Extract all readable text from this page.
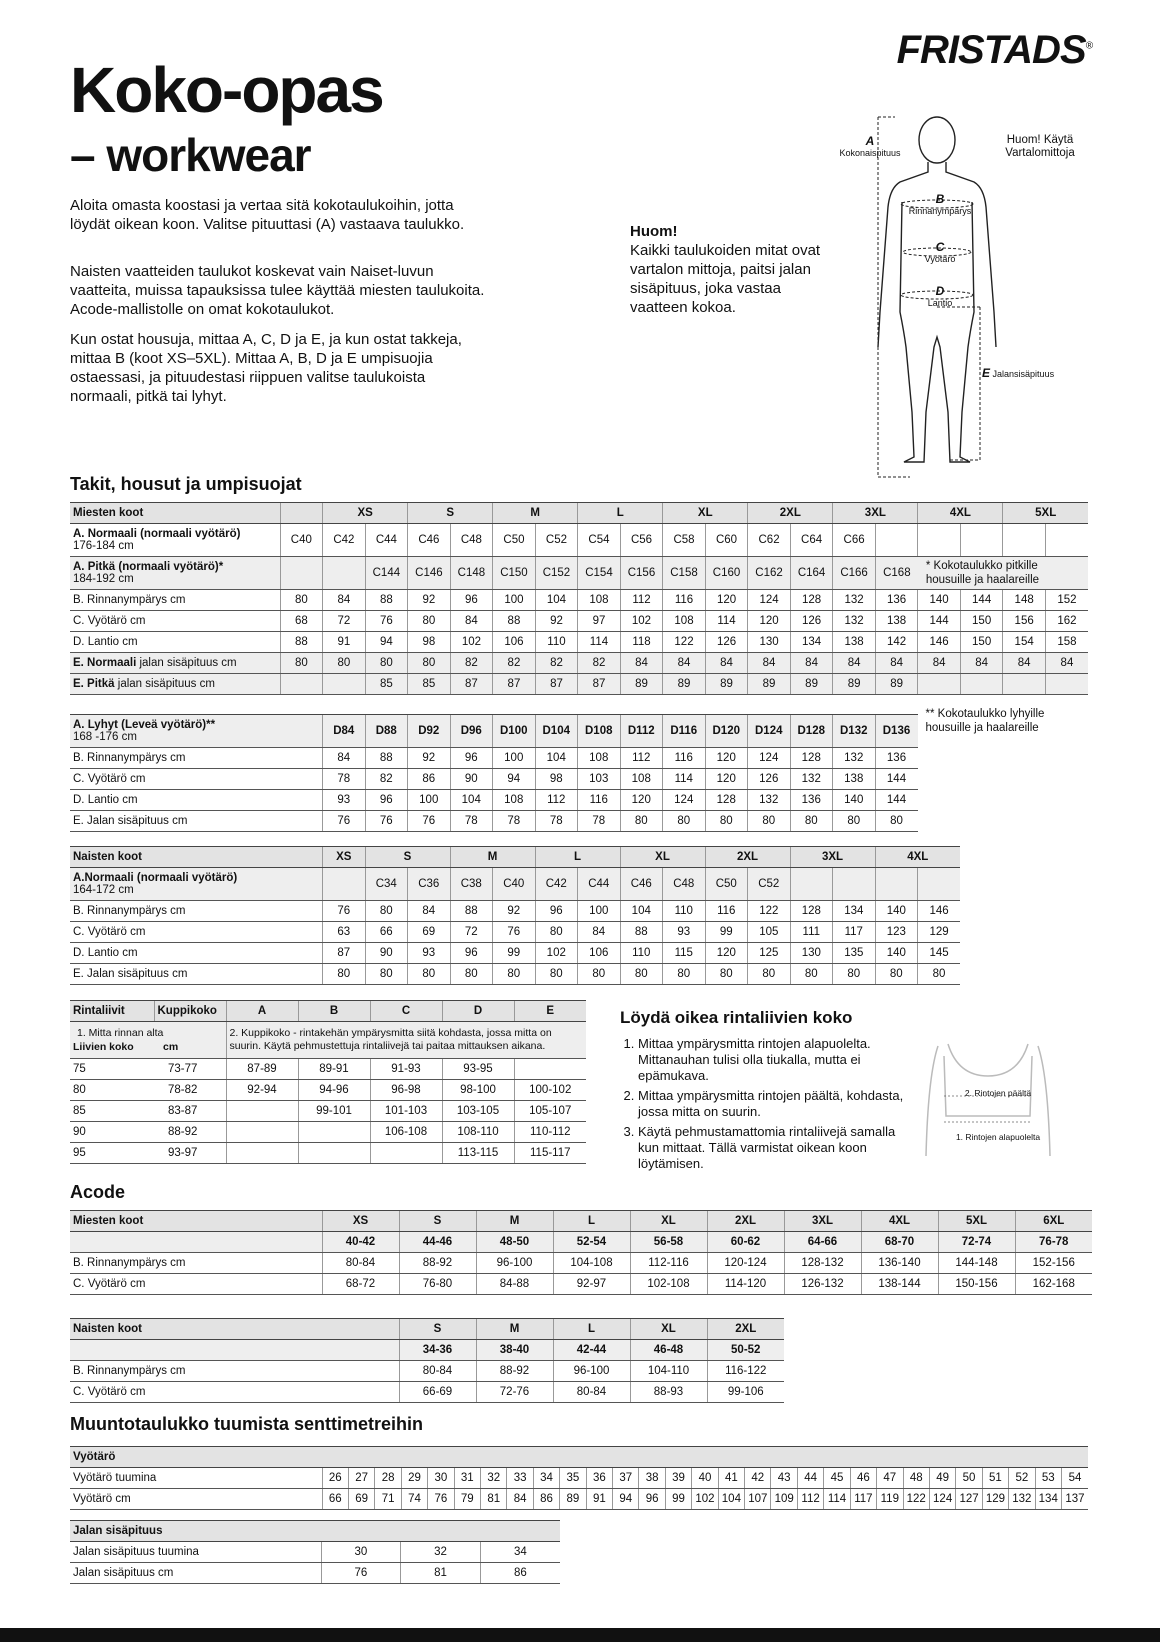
FRISTADS®
Koko-opas
– workwear

Aloita omasta koostasi ja vertaa sitä kokotaulukoihin, jotta löydät oikean koon. Valitse pituuttasi (A) vastaava taulukko.

Naisten vaatteiden taulukot koskevat vain Naiset-luvun vaatteita, muissa tapauksissa tulee käyttää miesten taulukoita. Acode-mallistolle on omat kokotaulukot.

Kun ostat housuja, mittaa A, C, D ja E, ja kun ostat takkeja, mittaa B (koot XS–5XL). Mittaa A, B, D ja E umpisuojia ostaessasi, ja pituudestasi riippuen valitse taulukoista normaali, pitkä tai lyhyt.

Huom!
Kaikki taulukoiden mitat ovat vartalon mittoja, paitsi jalan sisäpituus, joka vastaa vaatteen kokoa.
A
Kokonaispituus
B
Rinnanympärys
C
Vyötärö
D
Lantio
E Jalansisäpituus
Huom! Käytä Vartalomittoja
Takit, housut ja umpisuojat
Miesten koot		XS		S		M		L		XL		2XL		3XL		4XL		5XL	
A. Normaali (normaali vyötärö)
176-184 cm	C40	C42	C44	C46	C48	C50	C52	C54	C56	C58	C60	C62	C64	C66					
A. Pitkä (normaali vyötärö)*
184-192 cm			C144	C146	C148	C150	C152	C154	C156	C158	C160	C162	C164	C166	C168	* Kokotaulukko pitkille housuille ja haalareille			
B. Rinnanympärys cm	80	84	88	92	96	100	104	108	112	116	120	124	128	132	136	140	144	148	152
C. Vyötärö cm	68	72	76	80	84	88	92	97	102	108	114	120	126	132	138	144	150	156	162
D. Lantio cm	88	91	94	98	102	106	110	114	118	122	126	130	134	138	142	146	150	154	158
E. Normaali jalan sisäpituus cm	80	80	80	80	82	82	82	82	84	84	84	84	84	84	84	84	84	84	84
E. Pitkä jalan sisäpituus cm			85	85	87	87	87	87	89	89	89	89	89	89	89				
A. Lyhyt (Leveä vyötärö)**
168 -176 cm	D84	D88	D92	D96	D100	D104	D108	D112	D116	D120	D124	D128	D132	D136	** Kokotaulukko lyhyille housuille ja haalareille

B. Rinnanympärys cm	84	88	92	96	100	104	108	112	116	120	124	128	132	136	
C. Vyötärö cm	78	82	86	90	94	98	103	108	114	120	126	132	138	144	
D. Lantio cm	93	96	100	104	108	112	116	120	124	128	132	136	140	144	
E. Jalan sisäpituus cm	76	76	76	78	78	78	78	80	80	80	80	80	80	80	
Naisten koot	XS	S		M		L		XL		2XL		3XL		4XL	
A.Normaali (normaali vyötärö)
164-172 cm		C34	C36	C38	C40	C42	C44	C46	C48	C50	C52				
B. Rinnanympärys cm	76	80	84	88	92	96	100	104	110	116	122	128	134	140	146
C. Vyötärö cm	63	66	69	72	76	80	84	88	93	99	105	111	117	123	129
D. Lantio cm	87	90	93	96	99	102	106	110	115	120	125	130	135	140	145
E. Jalan sisäpituus cm	80	80	80	80	80	80	80	80	80	80	80	80	80	80	80
Rintaliivit	Kuppikoko	A	B	C	D	E

1. Mitta rinnan alta
Liivien koko cm		2. Kuppikoko - rintakehän ympärysmitta siitä kohdasta, jossa mitta on suurin. Käytä pehmustettuja rintaliivejä tai paitaa mittauksen aikana.				
75	73-77	87-89	89-91	91-93	93-95	
80	78-82	92-94	94-96	96-98	98-100	100-102
85	83-87		99-101	101-103	103-105	105-107
90	88-92			106-108	108-110	110-112
95	93-97				113-115	115-117
Löydä oikea rintaliivien koko
1. Mittaa ympärysmitta rintojen alapuolelta. Mittanauhan tulisi olla tiukalla, mutta ei epämukava.
2. Mittaa ympärysmitta rintojen päältä, kohdasta, jossa mitta on suurin.
3. Käytä pehmustamattomia rintaliivejä samalla kun mittaat. Tällä varmistat oikean koon löytämisen.
2. Rintojen päältä
1. Rintojen alapuolelta
Acode
Miesten koot	XS	S	M	L	XL	2XL	3XL	4XL	5XL	6XL
	40-42	44-46	48-50	52-54	56-58	60-62	64-66	68-70	72-74	76-78
B. Rinnanympärys cm	80-84	88-92	96-100	104-108	112-116	120-124	128-132	136-140	144-148	152-156
C. Vyötärö cm	68-72	76-80	84-88	92-97	102-108	114-120	126-132	138-144	150-156	162-168
Naisten koot	S	M	L	XL	2XL
	34-36	38-40	42-44	46-48	50-52
B. Rinnanympärys cm	80-84	88-92	96-100	104-110	116-122
C. Vyötärö cm	66-69	72-76	80-84	88-93	99-106
Muuntotaulukko tuumista senttimetreihin
Vyötärö																													
Vyötärö tuumina	26	27	28	29	30	31	32	33	34	35	36	37	38	39	40	41	42	43	44	45	46	47	48	49	50	51	52	53	54
Vyötärö cm	66	69	71	74	76	79	81	84	86	89	91	94	96	99	102	104	107	109	112	114	117	119	122	124	127	129	132	134	137
Jalan sisäpituus			
Jalan sisäpituus tuumina	30	32	34
Jalan sisäpituus cm	76	81	86
